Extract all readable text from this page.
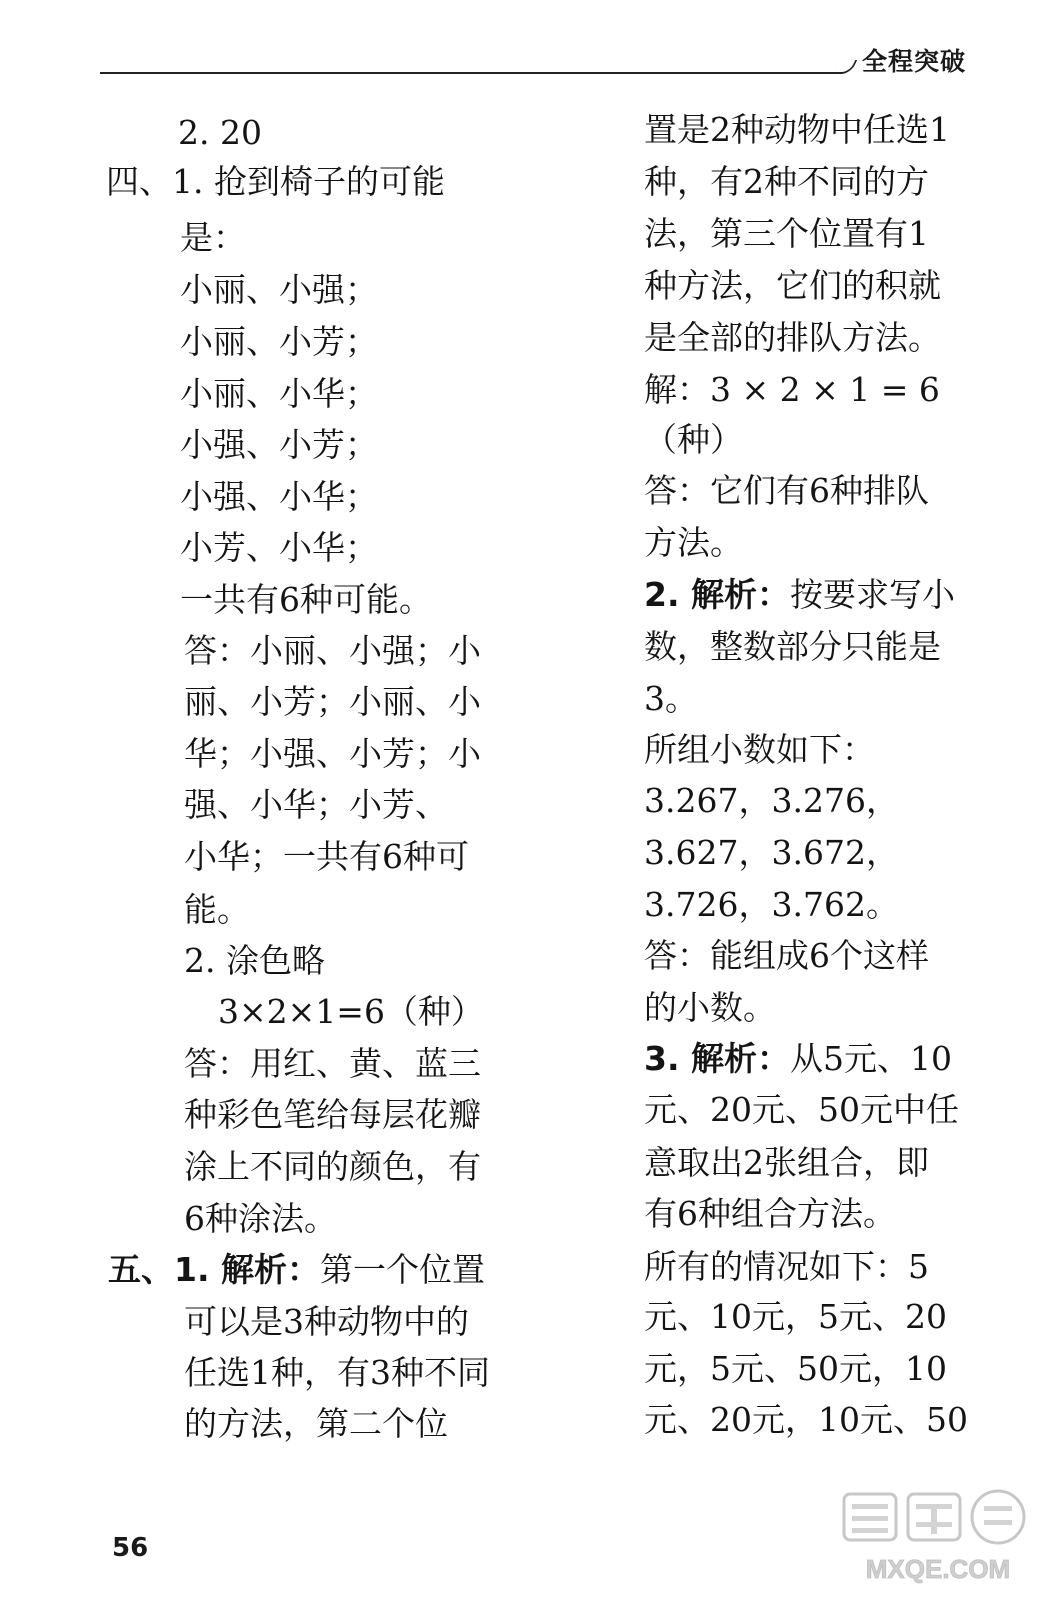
全程突破
2. 20
四、1. 抢到椅子的可能
是：
小丽、小强；
小丽、小芳；
小丽、小华；
小强、小芳；
小强、小华；
小芳、小华；
一共有6种可能。
答：小丽、小强；小
丽、小芳；小丽、小
华；小强、小芳；小
强、小华；小芳、
小华；一共有6种可
能。
2. 涂色略
3×2×1=6（种）
答：用红、黄、蓝三
种彩色笔给每层花瓣
涂上不同的颜色，有
6种涂法。
五、1. 解析：第一个位置
可以是3种动物中的
任选1种，有3种不同
的方法，第二个位
置是2种动物中任选1
种，有2种不同的方
法，第三个位置有1
种方法，它们的积就
是全部的排队方法。
解：3 × 2 × 1 = 6
（种）
答：它们有6种排队
方法。
2. 解析：按要求写小
数，整数部分只能是
3。
所组小数如下：
3.267，3.276，
3.627，3.672，
3.726，3.762。
答：能组成6个这样
的小数。
3. 解析：从5元、10
元、20元、50元中任
意取出2张组合，即
有6种组合方法。
所有的情况如下：5
元、10元，5元、20
元，5元、50元，10
元、20元，10元、50
56
MXQE.COM
